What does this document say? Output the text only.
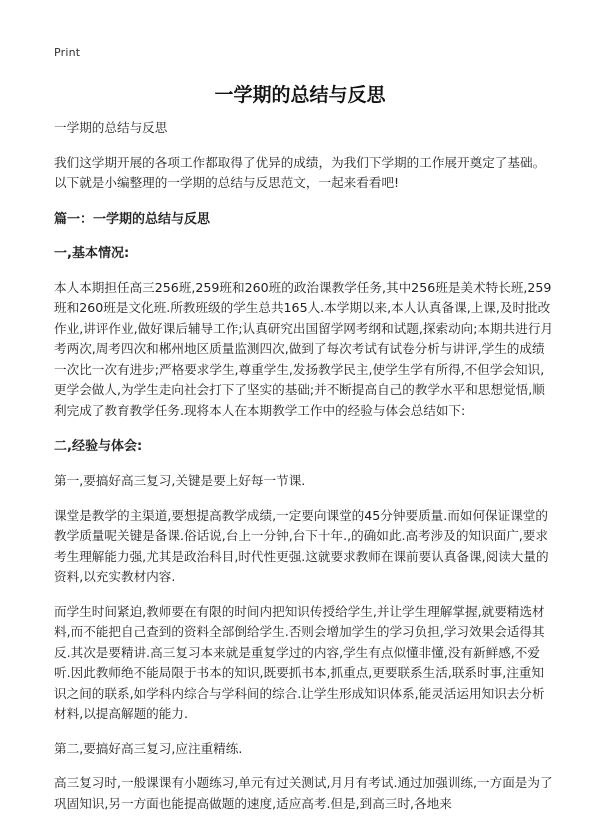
Print
一学期的总结与反思

一学期的总结与反思

我们这学期开展的各项工作都取得了优异的成绩，为我们下学期的工作展开奠定了基础。以下就是小编整理的一学期的总结与反思范文，一起来看看吧!

篇一：一学期的总结与反思

一,基本情况:

本人本期担任高三256班,259班和260班的政治课教学任务,其中256班是美术特长班,259班和260班是文化班.所教班级的学生总共165人.本学期以来,本人认真备课,上课,及时批改作业,讲评作业,做好课后辅导工作;认真研究出国留学网考纲和试题,探索动向;本期共进行月考两次,周考四次和郴州地区质量监测四次,做到了每次考试有试卷分析与讲评,学生的成绩一次比一次有进步;严格要求学生,尊重学生,发扬教学民主,使学生学有所得,不但学会知识,更学会做人,为学生走向社会打下了坚实的基础;并不断提高自己的教学水平和思想觉悟,顺利完成了教育教学任务.现将本人在本期教学工作中的经验与体会总结如下:

二,经验与体会:

第一,要搞好高三复习,关键是要上好每一节课.

课堂是教学的主渠道,要想提高教学成绩,一定要向课堂的45分钟要质量.而如何保证课堂的教学质量呢关键是备课.俗话说,台上一分钟,台下十年.,的确如此.高考涉及的知识面广,要求考生理解能力强,尤其是政治科目,时代性更强.这就要求教师在课前要认真备课,阅读大量的资料,以充实教材内容.

而学生时间紧迫,教师要在有限的时间内把知识传授给学生,并让学生理解掌握,就要精选材料,而不能把自己查到的资料全部倒给学生.否则会增加学生的学习负担,学习效果会适得其反.其次是要精讲.高三复习本来就是重复学过的内容,学生有点似懂非懂,没有新鲜感,不爱听.因此教师绝不能局限于书本的知识,既要抓书本,抓重点,更要联系生活,联系时事,注重知识之间的联系,如学科内综合与学科间的综合.让学生形成知识体系,能灵活运用知识去分析材料,以提高解题的能力.

第二,要搞好高三复习,应注重精练.

高三复习时,一般课课有小题练习,单元有过关测试,月月有考试.通过加强训练,一方面是为了巩固知识,另一方面也能提高做题的速度,适应高考.但是,到高三时,各地来
